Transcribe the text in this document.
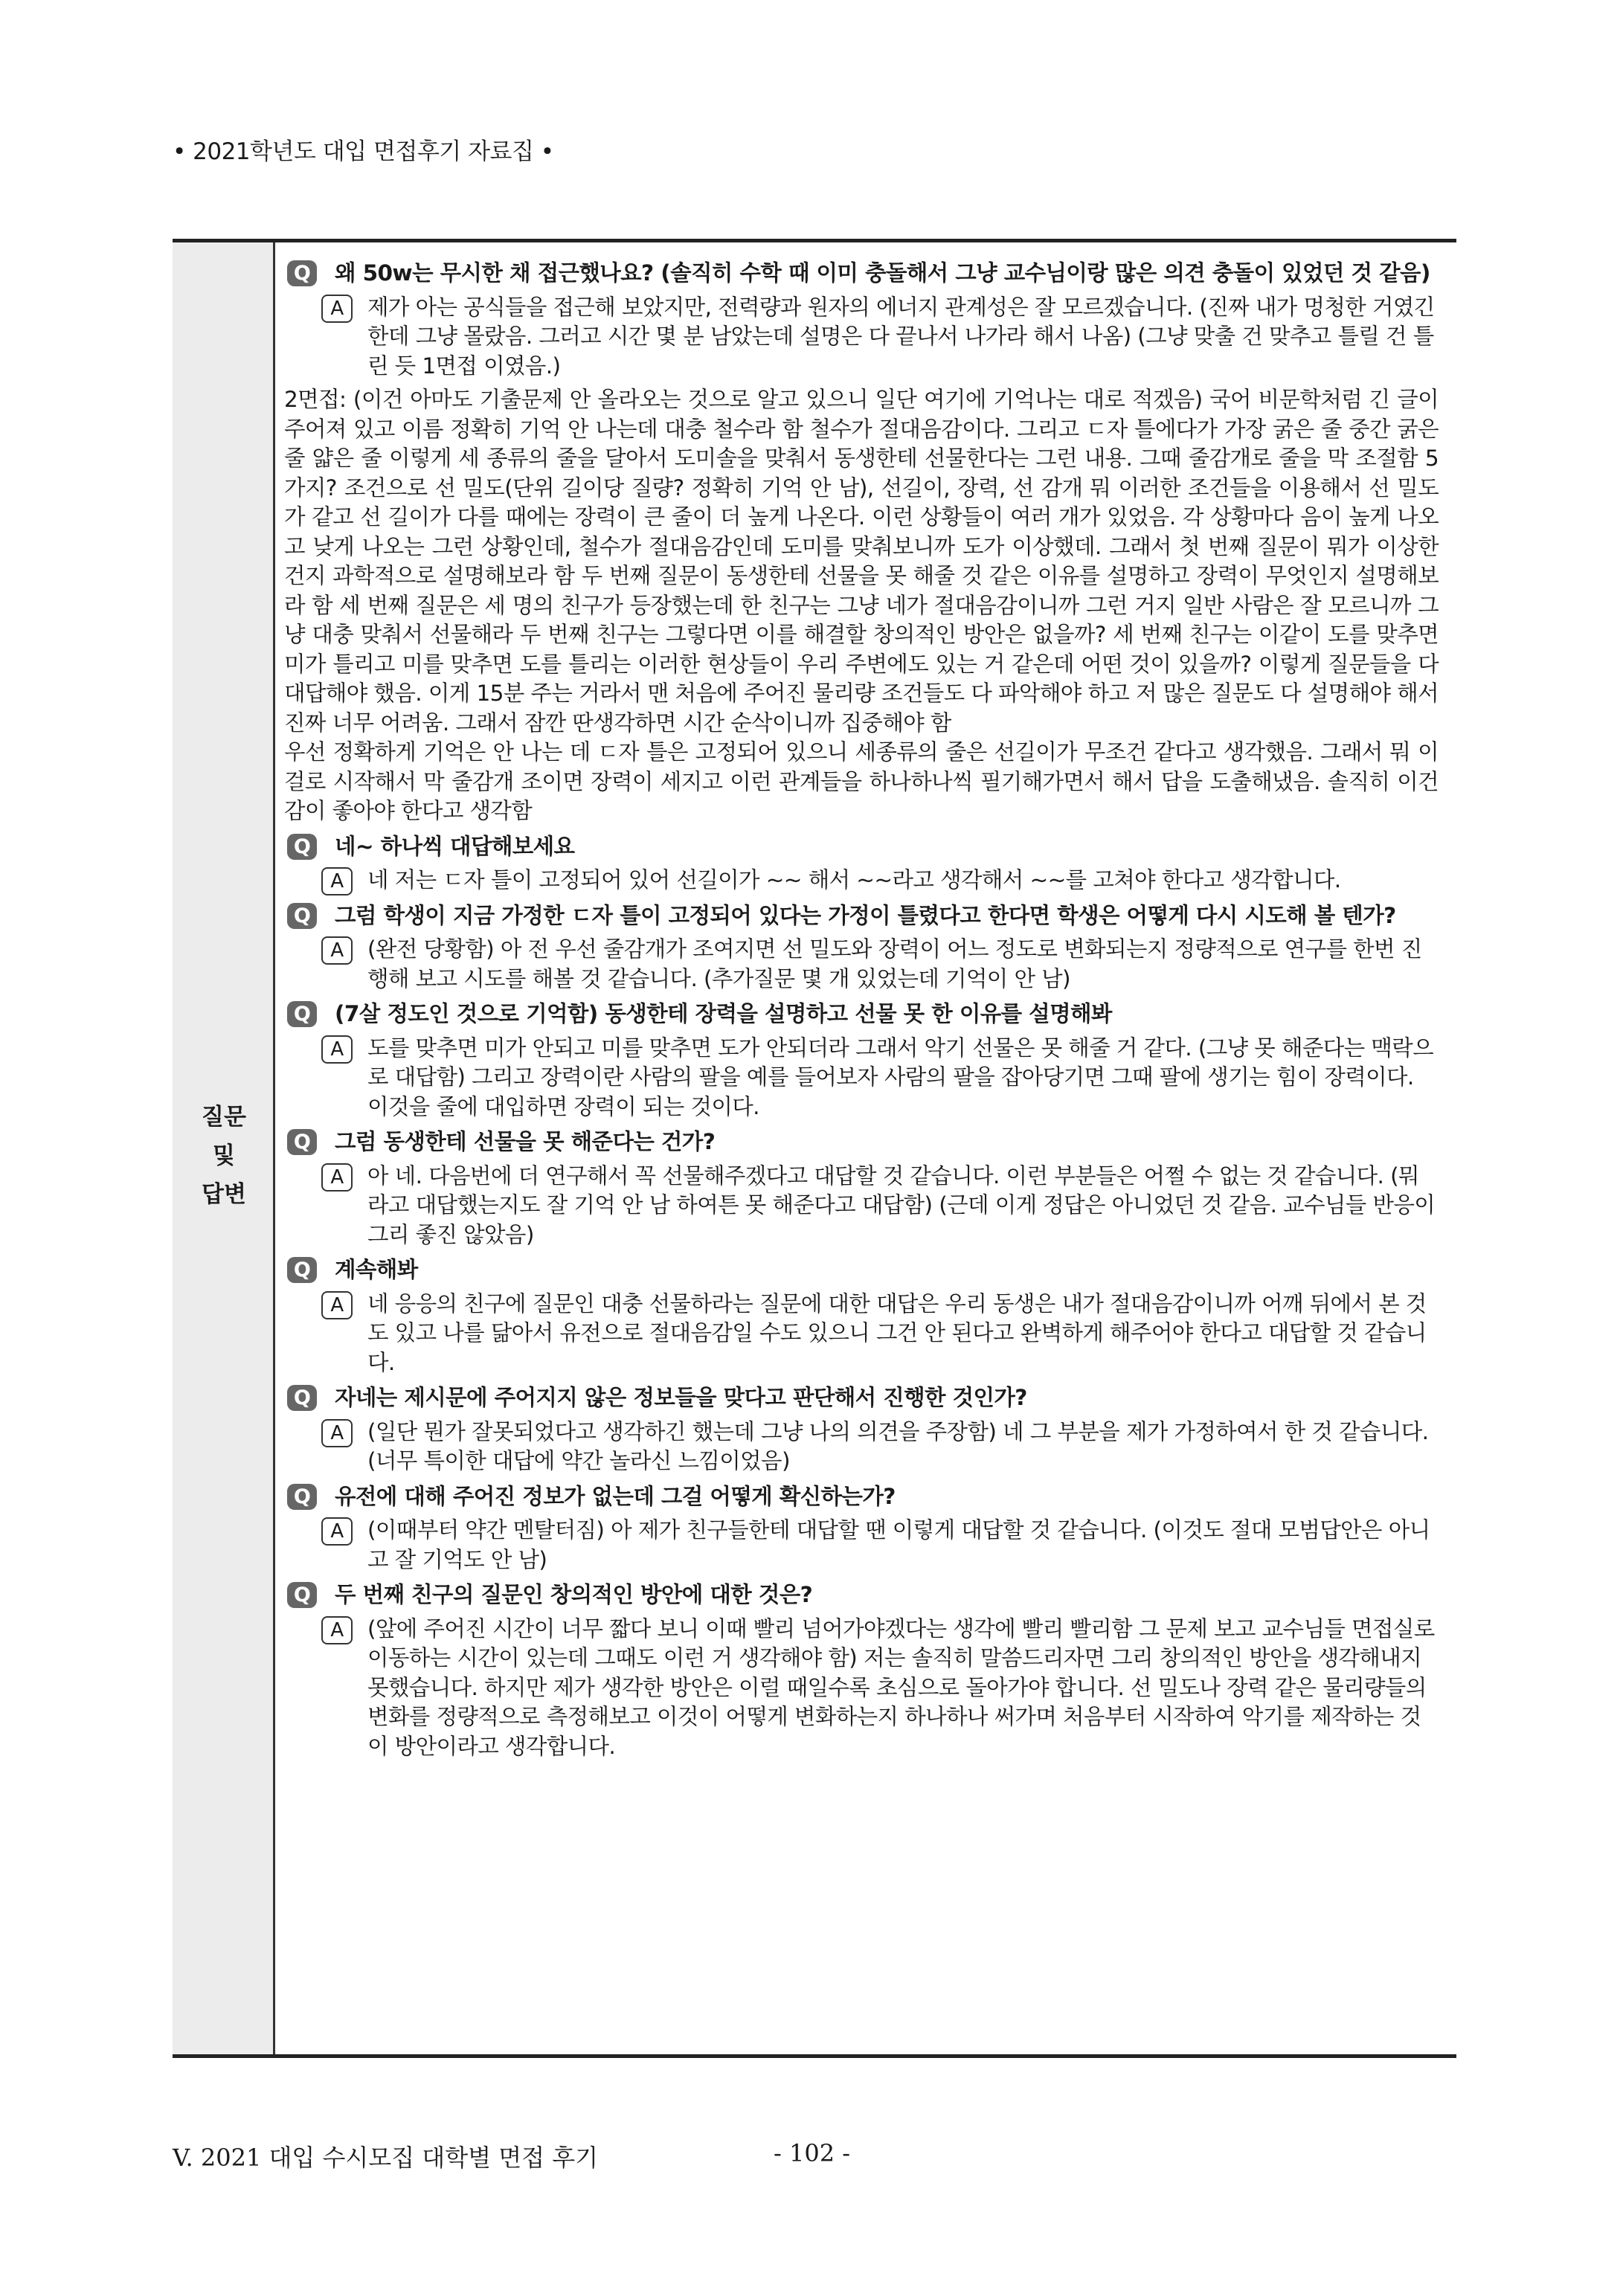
• 2021학년도 대입 면접후기 자료집 •
질문
및
답변
Q 왜 50w는 무시한 채 접근했나요? (솔직히 수학 때 이미 충돌해서 그냥 교수님이랑 많은 의견 충돌이 있었던 것 같음)
A	제가 아는 공식들을 접근해 보았지만, 전력량과 원자의 에너지 관계성은 잘 모르겠습니다. (진짜 내가 멍청한 거였긴 한데 그냥 몰랐음. 그러고 시간 몇 분 남았는데 설명은 다 끝나서 나가라 해서 나옴) (그냥 맞출 건 맞추고 틀릴 건 틀린 듯 1면접 이였음.)

2면접: (이건 아마도 기출문제 안 올라오는 것으로 알고 있으니 일단 여기에 기억나는 대로 적겠음) 국어 비문학처럼 긴 글이 주어져 있고 이름 정확히 기억 안 나는데 대충 철수라 함 철수가 절대음감이다. 그리고 ㄷ자 틀에다가 가장 굵은 줄 중간 굵은 줄 얇은 줄 이렇게 세 종류의 줄을 달아서 도미솔을 맞춰서 동생한테 선물한다는 그런 내용. 그때 줄감개로 줄을 막 조절함 5가지? 조건으로 선 밀도(단위 길이당 질량? 정확히 기억 안 남), 선길이, 장력, 선 감개 뭐 이러한 조건들을 이용해서 선 밀도가 같고 선 길이가 다를 때에는 장력이 큰 줄이 더 높게 나온다. 이런 상황들이 여러 개가 있었음. 각 상황마다 음이 높게 나오고 낮게 나오는 그런 상황인데, 철수가 절대음감인데 도미를 맞춰보니까 도가 이상했데. 그래서 첫 번째 질문이 뭐가 이상한 건지 과학적으로 설명해보라 함 두 번째 질문이 동생한테 선물을 못 해줄 것 같은 이유를 설명하고 장력이 무엇인지 설명해보라 함 세 번째 질문은 세 명의 친구가 등장했는데 한 친구는 그냥 네가 절대음감이니까 그런 거지 일반 사람은 잘 모르니까 그냥 대충 맞춰서 선물해라 두 번째 친구는 그렇다면 이를 해결할 창의적인 방안은 없을까? 세 번째 친구는 이같이 도를 맞추면 미가 틀리고 미를 맞추면 도를 틀리는 이러한 현상들이 우리 주변에도 있는 거 같은데 어떤 것이 있을까? 이렇게 질문들을 다 대답해야 했음. 이게 15분 주는 거라서 맨 처음에 주어진 물리량 조건들도 다 파악해야 하고 저 많은 질문도 다 설명해야 해서 진짜 너무 어려움. 그래서 잠깐 딴생각하면 시간 순삭이니까 집중해야 함

우선 정확하게 기억은 안 나는 데 ㄷ자 틀은 고정되어 있으니 세종류의 줄은 선길이가 무조건 같다고 생각했음. 그래서 뭐 이걸로 시작해서 막 줄감개 조이면 장력이 세지고 이런 관계들을 하나하나씩 필기해가면서 해서 답을 도출해냈음. 솔직히 이건 감이 좋아야 한다고 생각함

Q 네~ 하나씩 대답해보세요
A	네 저는 ㄷ자 틀이 고정되어 있어 선길이가 ~~ 해서 ~~라고 생각해서 ~~를 고쳐야 한다고 생각합니다.
Q 그럼 학생이 지금 가정한 ㄷ자 틀이 고정되어 있다는 가정이 틀렸다고 한다면 학생은 어떻게 다시 시도해 볼 텐가?
A	(완전 당황함) 아 전 우선 줄감개가 조여지면 선 밀도와 장력이 어느 정도로 변화되는지 정량적으로 연구를 한번 진행해 보고 시도를 해볼 것 같습니다. (추가질문 몇 개 있었는데 기억이 안 남)
Q (7살 정도인 것으로 기억함) 동생한테 장력을 설명하고 선물 못 한 이유를 설명해봐
A	도를 맞추면 미가 안되고 미를 맞추면 도가 안되더라 그래서 악기 선물은 못 해줄 거 같다. (그냥 못 해준다는 맥락으로 대답함) 그리고 장력이란 사람의 팔을 예를 들어보자 사람의 팔을 잡아당기면 그때 팔에 생기는 힘이 장력이다. 이것을 줄에 대입하면 장력이 되는 것이다.
Q 그럼 동생한테 선물을 못 해준다는 건가?
A	아 네. 다음번에 더 연구해서 꼭 선물해주겠다고 대답할 것 같습니다. 이런 부분들은 어쩔 수 없는 것 같습니다. (뭐라고 대답했는지도 잘 기억 안 남 하여튼 못 해준다고 대답함) (근데 이게 정답은 아니었던 것 같음. 교수님들 반응이 그리 좋진 않았음)
Q 계속해봐
A	네 응응의 친구에 질문인 대충 선물하라는 질문에 대한 대답은 우리 동생은 내가 절대음감이니까 어깨 뒤에서 본 것도 있고 나를 닮아서 유전으로 절대음감일 수도 있으니 그건 안 된다고 완벽하게 해주어야 한다고 대답할 것 같습니다.
Q 자네는 제시문에 주어지지 않은 정보들을 맞다고 판단해서 진행한 것인가?
A	(일단 뭔가 잘못되었다고 생각하긴 했는데 그냥 나의 의견을 주장함) 네 그 부분을 제가 가정하여서 한 것 같습니다. (너무 특이한 대답에 약간 놀라신 느낌이었음)
Q 유전에 대해 주어진 정보가 없는데 그걸 어떻게 확신하는가?
A	(이때부터 약간 멘탈터짐) 아 제가 친구들한테 대답할 땐 이렇게 대답할 것 같습니다. (이것도 절대 모범답안은 아니고 잘 기억도 안 남)
Q 두 번째 친구의 질문인 창의적인 방안에 대한 것은?
A	(앞에 주어진 시간이 너무 짧다 보니 이때 빨리 넘어가야겠다는 생각에 빨리 빨리함 그 문제 보고 교수님들 면접실로 이동하는 시간이 있는데 그때도 이런 거 생각해야 함) 저는 솔직히 말씀드리자면 그리 창의적인 방안을 생각해내지 못했습니다. 하지만 제가 생각한 방안은 이럴 때일수록 초심으로 돌아가야 합니다. 선 밀도나 장력 같은 물리량들의 변화를 정량적으로 측정해보고 이것이 어떻게 변화하는지 하나하나 써가며 처음부터 시작하여 악기를 제작하는 것이 방안이라고 생각합니다.
V. 2021 대입 수시모집 대학별 면접 후기	- 102 -
